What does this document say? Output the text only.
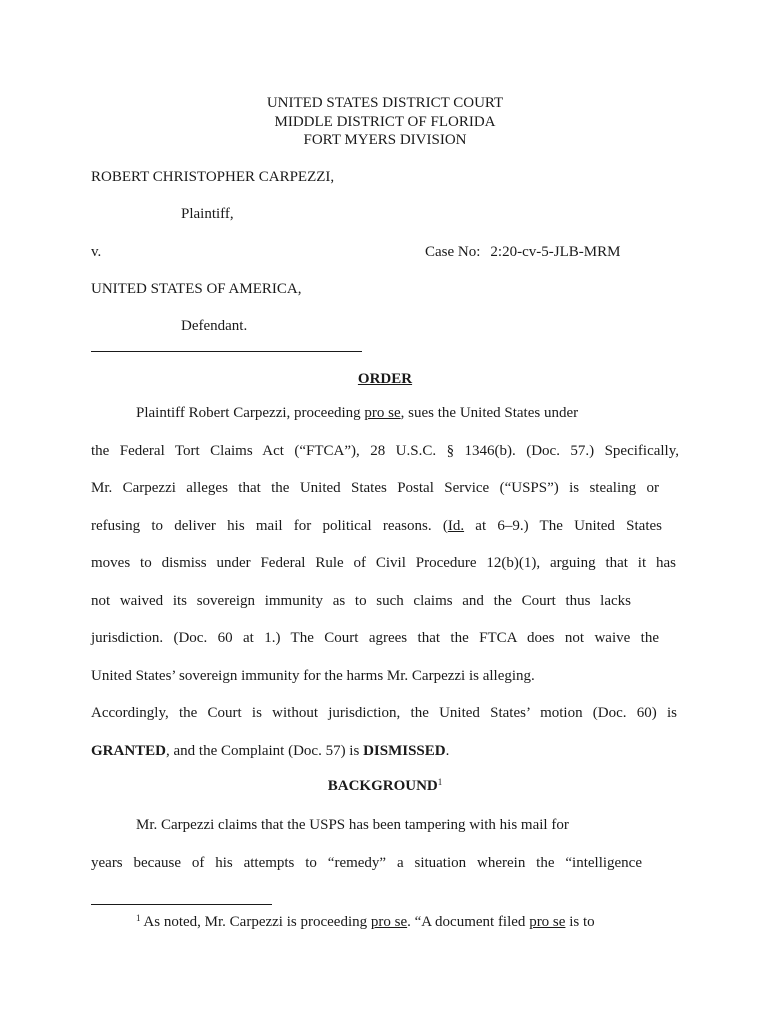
UNITED STATES DISTRICT COURT
MIDDLE DISTRICT OF FLORIDA
FORT MYERS DIVISION
ROBERT CHRISTOPHER CARPEZZI,
Plaintiff,
v.	Case No: 2:20-cv-5-JLB-MRM
UNITED STATES OF AMERICA,
Defendant.
ORDER
Plaintiff Robert Carpezzi, proceeding pro se, sues the United States under
the Federal Tort Claims Act (“FTCA”), 28 U.S.C. § 1346(b). (Doc. 57.) Specifically,
Mr. Carpezzi alleges that the United States Postal Service (“USPS”) is stealing or
refusing to deliver his mail for political reasons. (Id. at 6–9.) The United States
moves to dismiss under Federal Rule of Civil Procedure 12(b)(1), arguing that it has
not waived its sovereign immunity as to such claims and the Court thus lacks
jurisdiction. (Doc. 60 at 1.) The Court agrees that the FTCA does not waive the
United States’ sovereign immunity for the harms Mr. Carpezzi is alleging.
Accordingly, the Court is without jurisdiction, the United States’ motion (Doc. 60) is
GRANTED, and the Complaint (Doc. 57) is DISMISSED.
BACKGROUND$^1$
Mr. Carpezzi claims that the USPS has been tampering with his mail for
years because of his attempts to “remedy” a situation wherein the “intelligence
$^1$ As noted, Mr. Carpezzi is proceeding pro se. “A document filed pro se is to
